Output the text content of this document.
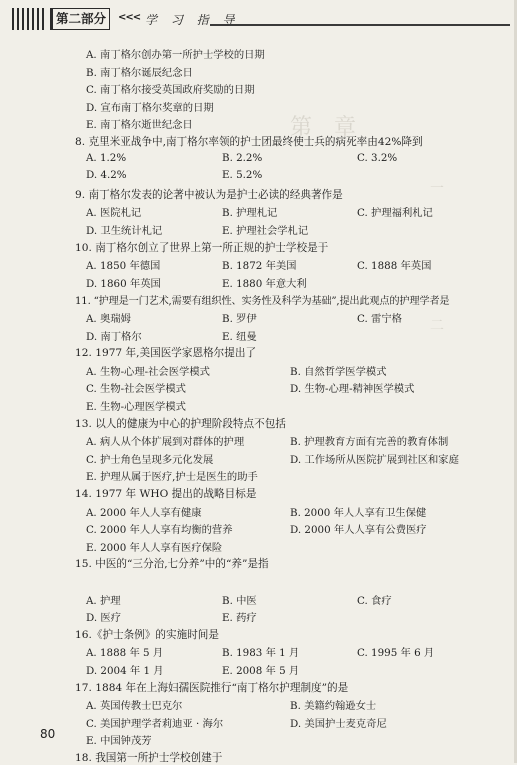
第二部分	<<< 学 习 指 导
第　章
一
二
A. 南丁格尔创办第一所护士学校的日期
B. 南丁格尔诞辰纪念日
C. 南丁格尔接受英国政府奖励的日期
D. 宣布南丁格尔奖章的日期
E. 南丁格尔逝世纪念日
8. 克里米亚战争中,南丁格尔率领的护士团最终使士兵的病死率由42%降到
A. 1.2%	B. 2.2%	C. 3.2%
D. 4.2%	E. 5.2%
9. 南丁格尔发表的论著中被认为是护士必读的经典著作是
A. 医院札记	B. 护理札记	C. 护理福利札记
D. 卫生统计札记	E. 护理社会学札记
10. 南丁格尔创立了世界上第一所正规的护士学校是于
A. 1850 年德国	B. 1872 年美国	C. 1888 年英国
D. 1860 年英国	E. 1880 年意大利
11. “护理是一门艺术,需要有组织性、实务性及科学为基础”,提出此观点的护理学者是
A. 奥瑞姆	B. 罗伊	C. 雷宁格
D. 南丁格尔	E. 纽曼
12. 1977 年,美国医学家恩格尔提出了
A. 生物-心理-社会医学模式	B. 自然哲学医学模式
C. 生物-社会医学模式	D. 生物-心理-精神医学模式
E. 生物-心理医学模式
13. 以人的健康为中心的护理阶段特点不包括
A. 病人从个体扩展到对群体的护理	B. 护理教育方面有完善的教育体制
C. 护士角色呈现多元化发展	D. 工作场所从医院扩展到社区和家庭
E. 护理从属于医疗,护士是医生的助手
14. 1977 年 WHO 提出的战略目标是
A. 2000 年人人享有健康	B. 2000 年人人享有卫生保健
C. 2000 年人人享有均衡的营养	D. 2000 年人人享有公费医疗
E. 2000 年人人享有医疗保险
15. 中医的“三分治,七分养”中的“养”是指
A. 护理	B. 中医	C. 食疗
D. 医疗	E. 药疗
16.《护士条例》的实施时间是
A. 1888 年 5 月	B. 1983 年 1 月	C. 1995 年 6 月
D. 2004 年 1 月	E. 2008 年 5 月
17. 1884 年在上海妇孺医院推行“南丁格尔护理制度”的是
A. 英国传教士巴克尔	B. 美籍约翰逊女士
C. 美国护理学者莉迪亚 · 海尔	D. 美国护士麦克奇尼
E. 中国钟茂芳
18. 我国第一所护士学校创建于
80
